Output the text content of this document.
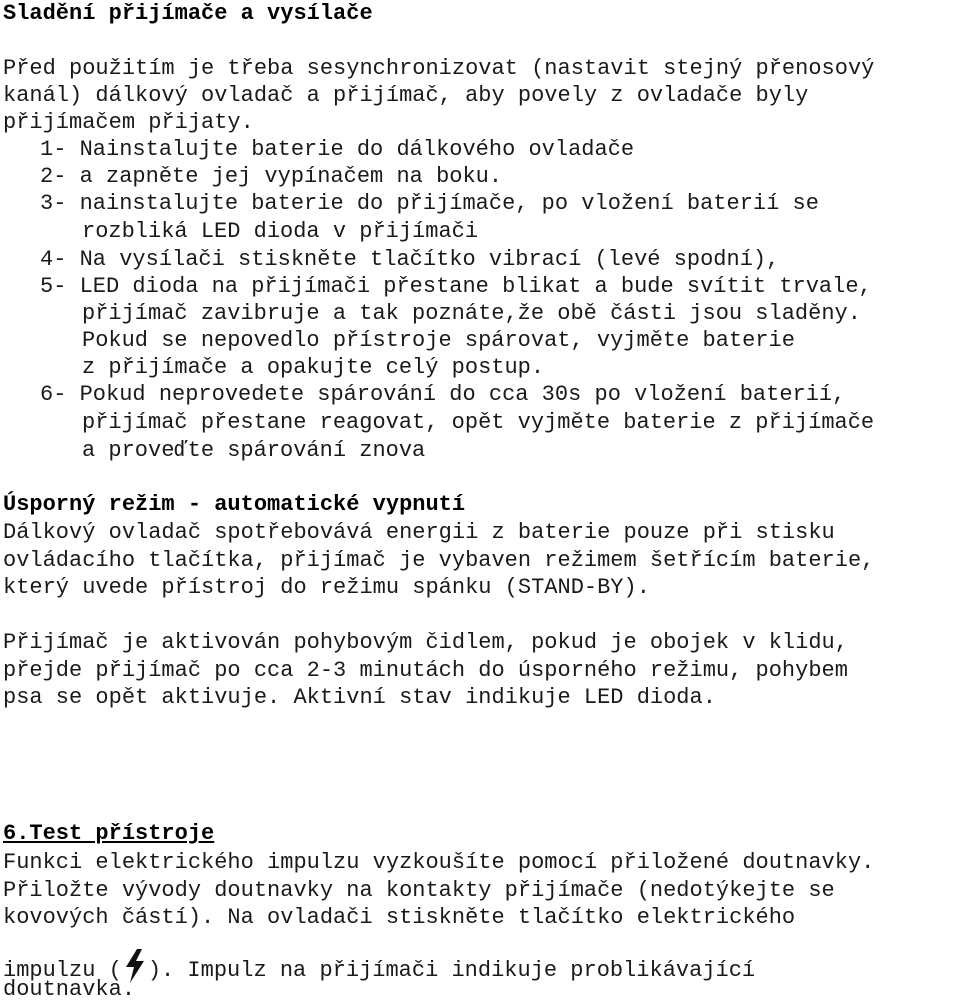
Sladění přijímače a vysílače
Před použitím je třeba sesynchronizovat (nastavit stejný přenosový
kanál) dálkový ovladač a přijímač, aby povely z ovladače byly
přijímačem přijaty.
1- Nainstalujte baterie do dálkového ovladače
2- a zapněte jej vypínačem na boku.
3- nainstalujte baterie do přijímače, po vložení baterií se
rozbliká LED dioda v přijímači
4- Na vysílači stiskněte tlačítko vibrací (levé spodní),
5- LED dioda na přijímači přestane blikat a bude svítit trvale,
přijímač zavibruje a tak poznáte,že obě části jsou sladěny.
Pokud se nepovedlo přístroje spárovat, vyjměte baterie
z přijímače a opakujte celý postup.
6- Pokud neprovedete spárování do cca 30s po vložení baterií,
přijímač přestane reagovat, opět vyjměte baterie z přijímače
a proveďte spárování znova
Úsporný režim - automatické vypnutí
Dálkový ovladač spotřebovává energii z baterie pouze při stisku
ovládacího tlačítka, přijímač je vybaven režimem šetřícím baterie,
který uvede přístroj do režimu spánku (STAND-BY).
Přijímač je aktivován pohybovým čidlem, pokud je obojek v klidu,
přejde přijímač po cca 2-3 minutách do úsporného režimu, pohybem
psa se opět aktivuje. Aktivní stav indikuje LED dioda.
6.Test přístroje
Funkci elektrického impulzu vyzkoušíte pomocí přiložené doutnavky.
Přiložte vývody doutnavky na kontakty přijímače (nedotýkejte se
kovových částí). Na ovladači stiskněte tlačítko elektrického
impulzu ( ). Impulz na přijímači indikuje problikávající
doutnavka.
